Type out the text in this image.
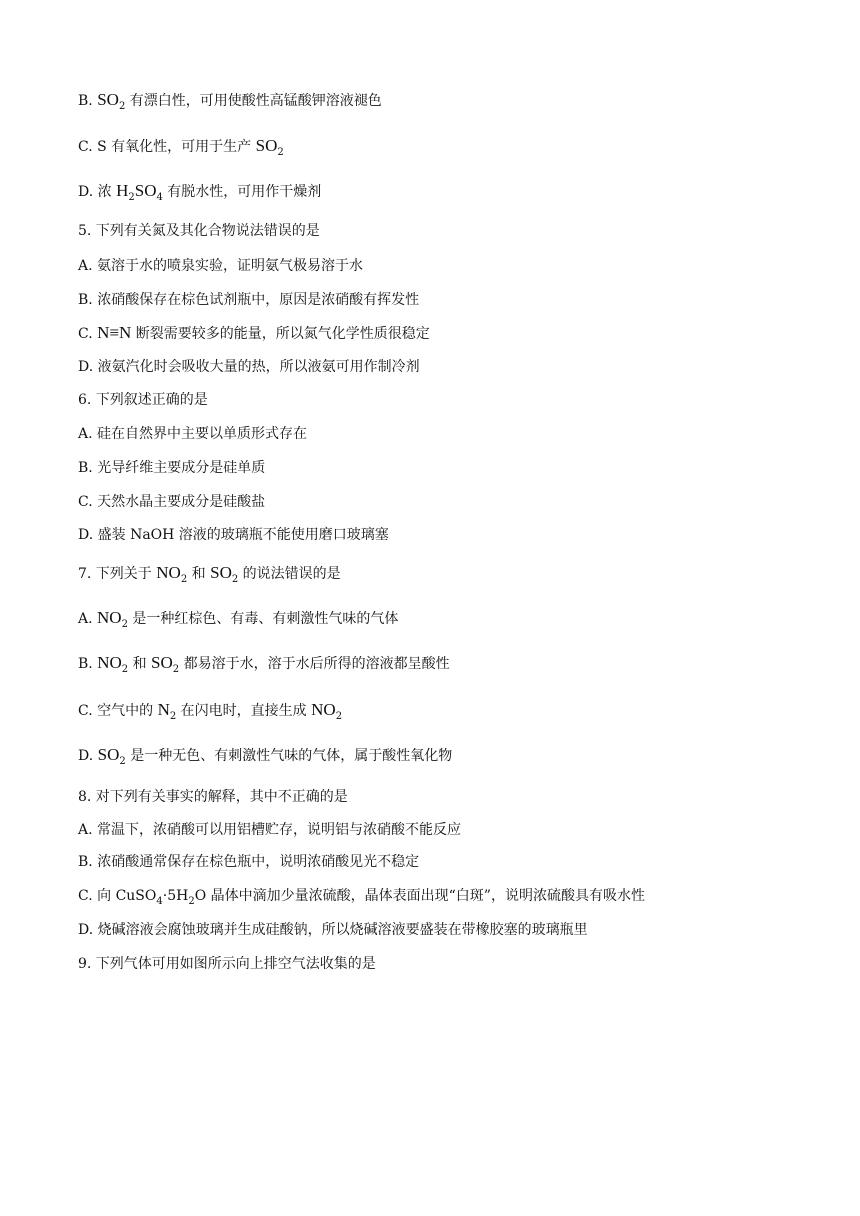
B. $SO_2$ 有漂白性，可用使酸性高锰酸钾溶液褪色
C. S 有氧化性，可用于生产 $SO_2$
D. 浓 $H_2SO_4$ 有脱水性，可用作干燥剂
5. 下列有关氮及其化合物说法错误的是
A. 氨溶于水的喷泉实验，证明氨气极易溶于水
B. 浓硝酸保存在棕色试剂瓶中，原因是浓硝酸有挥发性
C. N≡N 断裂需要较多的能量，所以氮气化学性质很稳定
D. 液氨汽化时会吸收大量的热，所以液氨可用作制冷剂
6. 下列叙述正确的是
A. 硅在自然界中主要以单质形式存在
B. 光导纤维主要成分是硅单质
C. 天然水晶主要成分是硅酸盐
D. 盛装 NaOH 溶液的玻璃瓶不能使用磨口玻璃塞
7. 下列关于 $NO_2$ 和 $SO_2$ 的说法错误的是
A. $NO_2$ 是一种红棕色、有毒、有刺激性气味的气体
B. $NO_2$ 和 $SO_2$ 都易溶于水，溶于水后所得的溶液都呈酸性
C. 空气中的 $N_2$ 在闪电时，直接生成 $NO_2$
D. $SO_2$ 是一种无色、有刺激性气味的气体，属于酸性氧化物
8. 对下列有关事实的解释，其中不正确的是
A. 常温下，浓硝酸可以用铝槽贮存，说明铝与浓硝酸不能反应
B. 浓硝酸通常保存在棕色瓶中，说明浓硝酸见光不稳定
C. 向 $CuSO_4\cdot 5H_2O$ 晶体中滴加少量浓硫酸，晶体表面出现“白斑”，说明浓硫酸具有吸水性
D. 烧碱溶液会腐蚀玻璃并生成硅酸钠，所以烧碱溶液要盛装在带橡胶塞的玻璃瓶里
9. 下列气体可用如图所示向上排空气法收集的是
